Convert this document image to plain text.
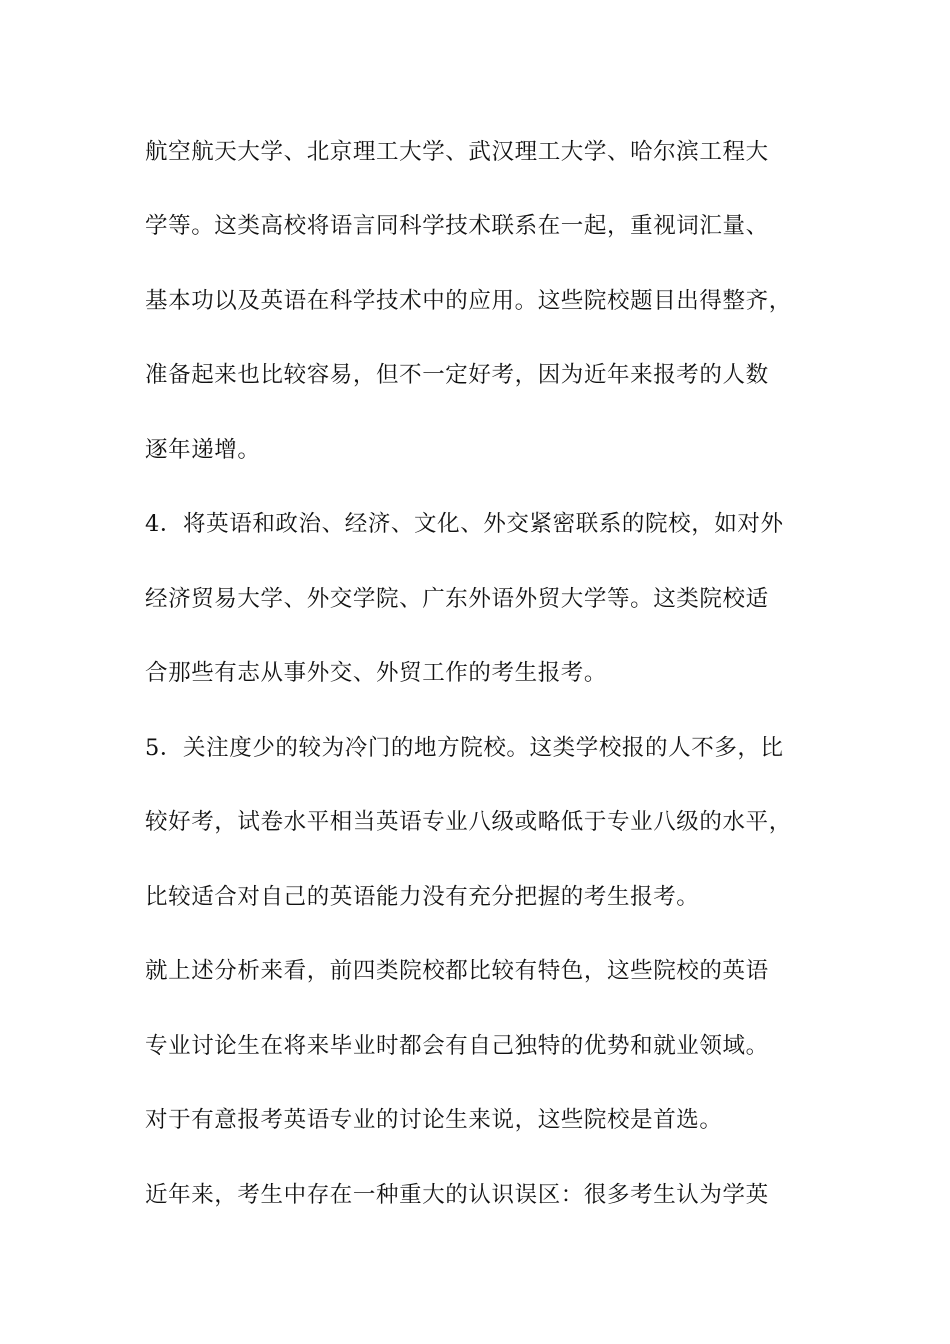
航空航天大学、北京理工大学、武汉理工大学、哈尔滨工程大
学等。这类高校将语言同科学技术联系在一起，重视词汇量、
基本功以及英语在科学技术中的应用。这些院校题目出得整齐，
准备起来也比较容易，但不一定好考，因为近年来报考的人数
逐年递增。
4．将英语和政治、经济、文化、外交紧密联系的院校，如对外
经济贸易大学、外交学院、广东外语外贸大学等。这类院校适
合那些有志从事外交、外贸工作的考生报考。
5．关注度少的较为冷门的地方院校。这类学校报的人不多，比
较好考，试卷水平相当英语专业八级或略低于专业八级的水平，
比较适合对自己的英语能力没有充分把握的考生报考。
就上述分析来看，前四类院校都比较有特色，这些院校的英语
专业讨论生在将来毕业时都会有自己独特的优势和就业领域。
对于有意报考英语专业的讨论生来说，这些院校是首选。
近年来，考生中存在一种重大的认识误区：很多考生认为学英
